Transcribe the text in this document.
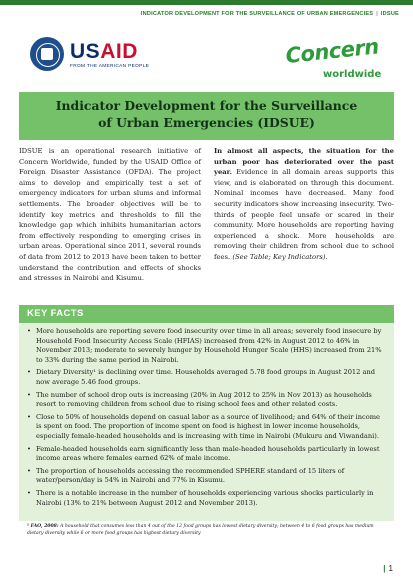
INDICATOR DEVELOPMENT FOR THE SURVEILLANCE OF URBAN EMERGENCIES | IDSUE
USAID
FROM THE AMERICAN PEOPLE	Concern
worldwide
Indicator Development for the Surveillance
of Urban Emergencies (IDSUE)
IDSUE is an operational research initiative of Concern Worldwide, funded by the USAID Office of Foreign Disaster Assistance (OFDA). The project aims to develop and empirically test a set of emergency indicators for urban slums and informal settlements. The broader objectives will be to identify key metrics and thresholds to fill the knowledge gap which inhibits humanitarian actors from effectively responding to emerging crises in urban areas. Operational since 2011, several rounds of data from 2012 to 2013 have been taken to better understand the contribution and effects of shocks and stresses in Nairobi and Kisumu.
In almost all aspects, the situation for the urban poor has deteriorated over the past year. Evidence in all domain areas supports this view, and is elaborated on through this document. Nominal incomes have decreased. Many food security indicators show increasing insecurity. Two-thirds of people feel unsafe or scared in their community. More households are reporting having experienced a shock. More households are removing their children from school due to school fees. (See Table; Key Indicators).
KEY FACTS
• More households are reporting severe food insecurity over time in all areas; severely food insecure by Household Food Insecurity Access Scale (HFIAS) increased from 42% in August 2012 to 46% in November 2013; moderate to severely hunger by Household Hunger Scale (HHS) increased from 21% to 33% during the same period in Nairobi.
• Dietary Diversity¹ is declining over time. Households averaged 5.78 food groups in August 2012 and now average 5.46 food groups.
• The number of school drop outs is increasing (20% in Aug 2012 to 25% in Nov 2013) as households resort to removing children from school due to rising school fees and other related costs.
• Close to 50% of households depend on casual labor as a source of livelihood; and 64% of their income is spent on food. The proportion of income spent on food is highest in lower income households, especially female-headed households and is increasing with time in Nairobi (Mukuru and Viwandani).
• Female-headed households earn significantly less than male-headed households particularly in lowest income areas where females earned 62% of male income.
• The proportion of households accessing the recommended SPHERE standard of 15 liters of water/person/day is 54% in Nairobi and 77% in Kisumu.
• There is a notable increase in the number of households experiencing various shocks particularly in Nairobi (13% to 21% between August 2012 and November 2013).
¹ FAO, 2008: A household that consumes less than 4 out of the 12 food groups has lowest dietary diversity; between 4 to 6 food groups has medium dietary diversity while 6 or more food groups has highest dietary diversity
| 1
